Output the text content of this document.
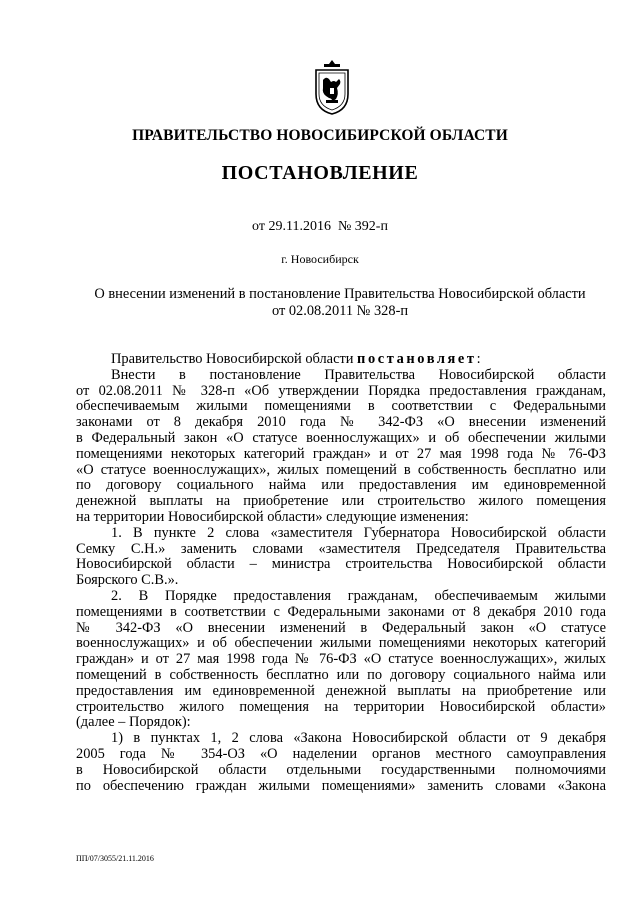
ПРАВИТЕЛЬСТВО НОВОСИБИРСКОЙ ОБЛАСТИ
ПОСТАНОВЛЕНИЕ
от 29.11.2016  № 392-п
г. Новосибирск
О внесении изменений в постановление Правительства Новосибирской области
от 02.08.2011 № 328-п
Правительство Новосибирской области постановляет:
Внести в постановление Правительства Новосибирской области
от 02.08.2011 № 328-п «Об утверждении Порядка предоставления гражданам,
обеспечиваемым жилыми помещениями в соответствии с Федеральными
законами от 8 декабря 2010 года № 342-ФЗ «О внесении изменений
в Федеральный закон «О статусе военнослужащих» и об обеспечении жилыми
помещениями некоторых категорий граждан» и от 27 мая 1998 года № 76-ФЗ
«О статусе военнослужащих», жилых помещений в собственность бесплатно или
по договору социального найма или предоставления им единовременной
денежной выплаты на приобретение или строительство жилого помещения
на территории Новосибирской области» следующие изменения:
1. В пункте 2 слова «заместителя Губернатора Новосибирской области
Семку С.Н.» заменить словами «заместителя Председателя Правительства
Новосибирской области – министра строительства Новосибирской области
Боярского С.В.».
2. В Порядке предоставления гражданам, обеспечиваемым жилыми
помещениями в соответствии с Федеральными законами от 8 декабря 2010 года
№ 342-ФЗ «О внесении изменений в Федеральный закон «О статусе
военнослужащих» и об обеспечении жилыми помещениями некоторых категорий
граждан» и от 27 мая 1998 года № 76-ФЗ «О статусе военнослужащих», жилых
помещений в собственность бесплатно или по договору социального найма или
предоставления им единовременной денежной выплаты на приобретение или
строительство жилого помещения на территории Новосибирской области»
(далее – Порядок):
1) в пунктах 1, 2 слова «Закона Новосибирской области от 9 декабря
2005 года № 354-ОЗ «О наделении органов местного самоуправления
в Новосибирской области отдельными государственными полномочиями
по обеспечению граждан жилыми помещениями» заменить словами «Закона
ПП/07/3055/21.11.2016
